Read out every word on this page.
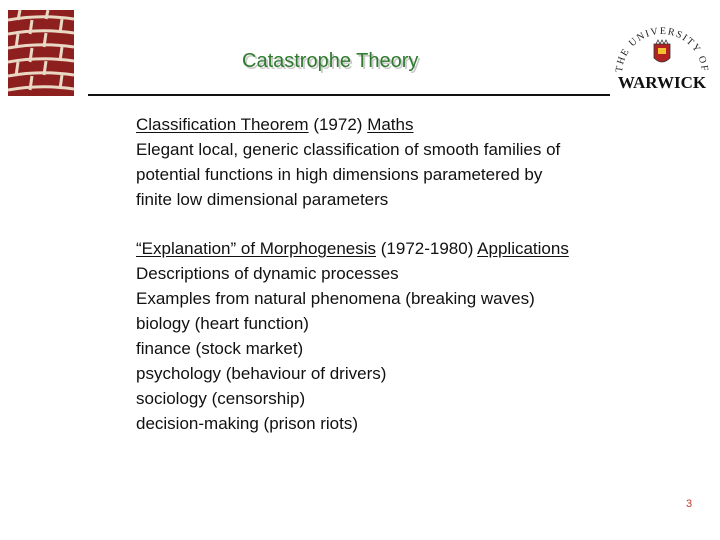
Catastrophe Theory	THE UNIVERSITY OF
WARWICK
Classification Theorem (1972) Maths
Elegant local, generic classification of smooth families of
potential functions in high dimensions parametered by
finite low dimensional parameters
“Explanation” of Morphogenesis (1972-1980) Applications
Descriptions of dynamic processes
Examples from natural phenomena (breaking waves)
biology (heart function)
finance (stock market)
psychology (behaviour of drivers)
sociology (censorship)
decision-making (prison riots)
3
